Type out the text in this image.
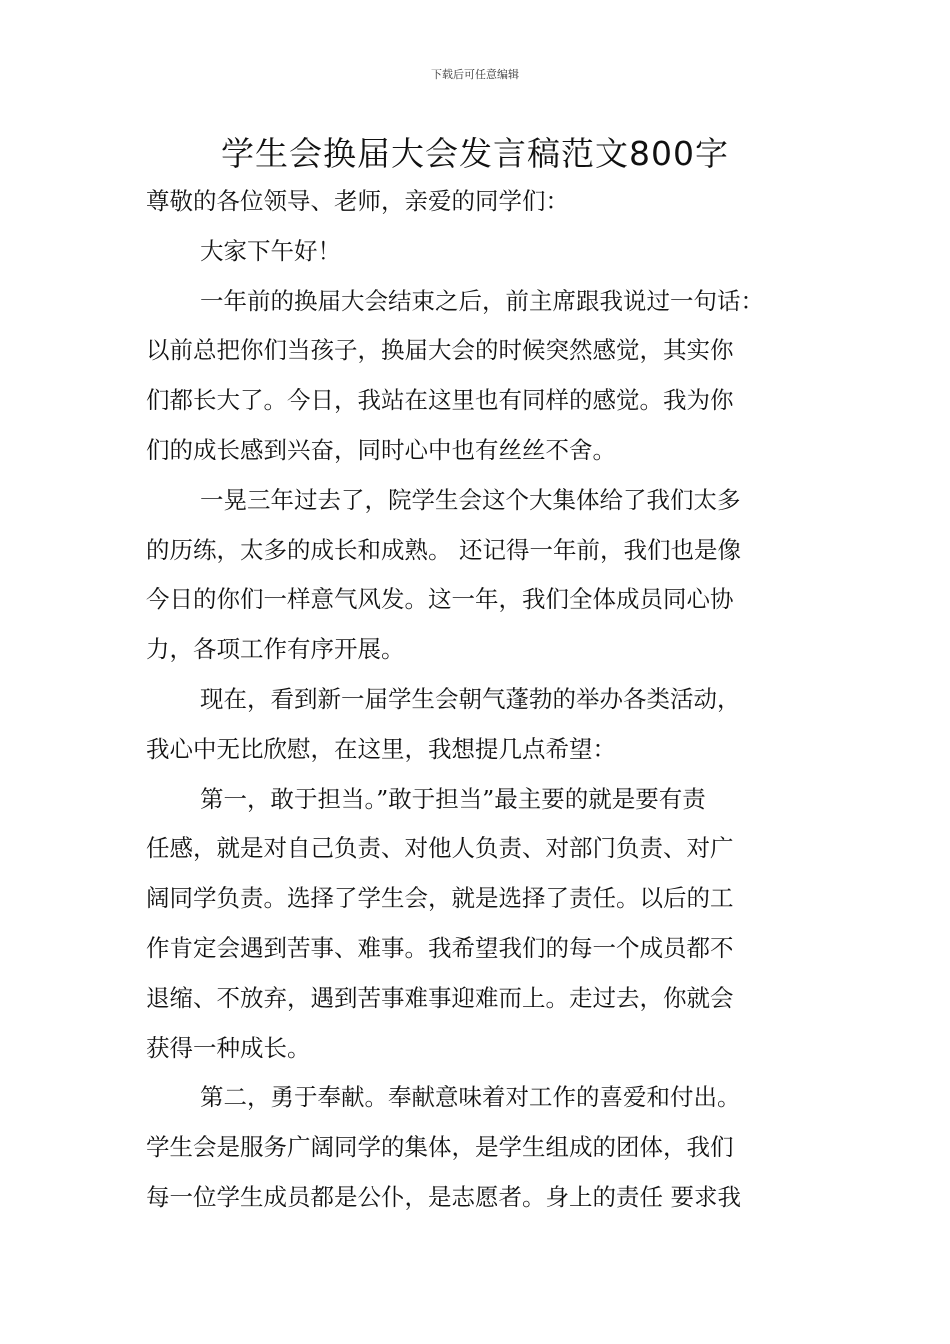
下载后可任意编辑
学生会换届大会发言稿范文800字
尊敬的各位领导、老师，亲爱的同学们：
大家下午好！
一年前的换届大会结束之后，前主席跟我说过一句话：
以前总把你们当孩子，换届大会的时候突然感觉，其实你
们都长大了。今日，我站在这里也有同样的感觉。我为你
们的成长感到兴奋，同时心中也有丝丝不舍。
一晃三年过去了，院学生会这个大集体给了我们太多
的历练，太多的成长和成熟。 还记得一年前，我们也是像
今日的你们一样意气风发。这一年，我们全体成员同心协
力，各项工作有序开展。
现在，看到新一届学生会朝气蓬勃的举办各类活动，
我心中无比欣慰，在这里，我想提几点希望：
第一，敢于担当。”敢于担当”最主要的就是要有责
任感，就是对自己负责、对他人负责、对部门负责、对广
阔同学负责。选择了学生会，就是选择了责任。以后的工
作肯定会遇到苦事、难事。我希望我们的每一个成员都不
退缩、不放弃，遇到苦事难事迎难而上。走过去，你就会
获得一种成长。
第二，勇于奉献。奉献意味着对工作的喜爱和付出。
学生会是服务广阔同学的集体，是学生组成的团体，我们
每一位学生成员都是公仆，是志愿者。身上的责任 要求我
